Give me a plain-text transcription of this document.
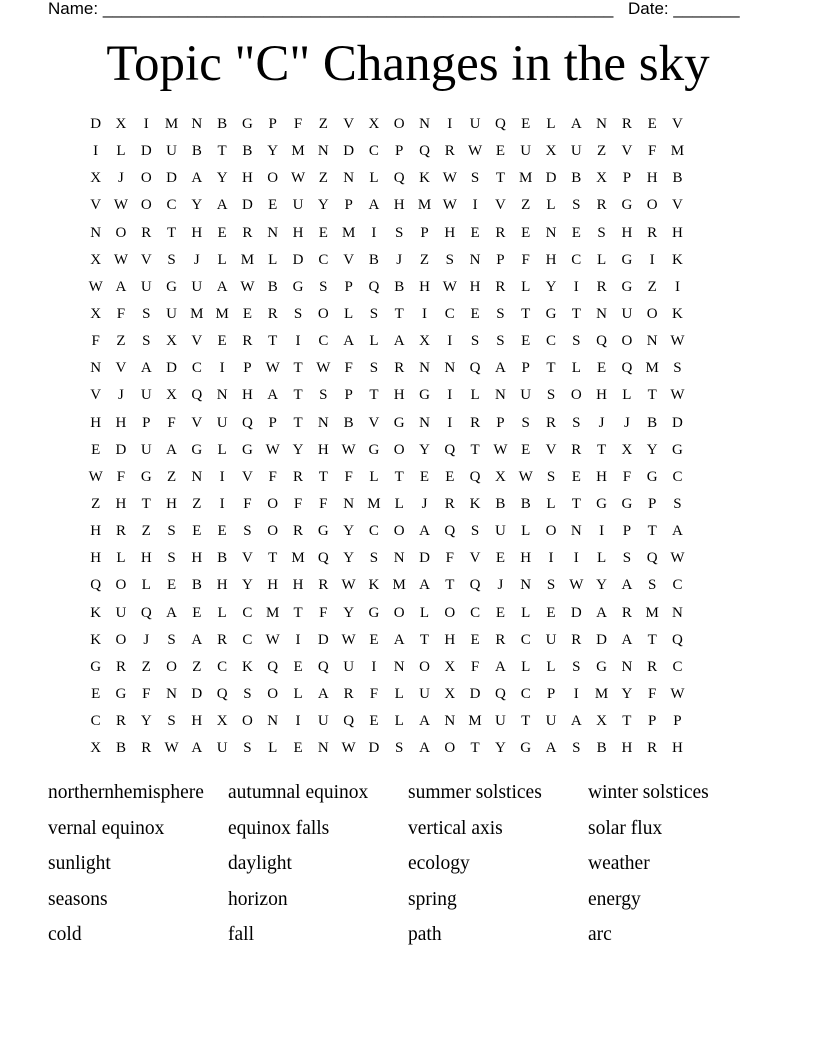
Name: ______________________________________________________

Date: _______

Topic "C" Changes in the sky
D X	I	M N B G	P	F	Z	V X O N	I	U Q	E	L	A N R	E	V
I	L	D U B	T	B Y M N D C	P	Q R W E	U X U	Z	V	F M
X	J	O D A Y H O W Z	N	L	Q K W S	T M D B X	P	H B
V W O C Y A D	E	U Y	P	A H M W	I	V	Z	L	S	R G O V
N O R	T	H	E	R N H	E M	I	S	P	H	E	R	E	N	E	S	H R H
X W V	S	J	L M L	D C V B	J	Z	S	N	P	F	H C	L	G	I	K
W A U G U A W B G	S	P	Q B H W H R	L	Y	I	R G	Z	I
X	F	S	U M M E	R	S	O	L	S	T	I	C	E	S	T	G	T	N U O K
F	Z	S	X V	E	R	T	I	C A	L	A X	I	S	S	E	C	S	Q O N W
N V A D C	I	P W T W F	S	R N N Q A	P	T	L	E	Q M S
V	J	U X Q N H A	T	S	P	T	H G	I	L	N U	S	O H	L	T W
H H	P	F	V U Q	P	T	N B V G N	I	R	P	S	R	S	J	J	B D
E	D U A G	L	G W Y H W G O Y Q	T W E	V R	T	X Y G
W F	G	Z	N	I	V	F	R	T	F	L	T	E	E	Q X W S	E	H	F	G C
Z	H	T	H	Z	I	F	O	F	F	N M L	J	R K B	B	L	T	G G	P	S
H R	Z	S	E	E	S	O R G Y C O A Q	S	U	L	O N	I	P	T	A
H	L	H	S	H B V	T M Q Y	S	N D	F	V	E	H	I	I	L	S	Q W
Q O	L	E	B H Y H H R W K M A	T	Q	J	N	S W Y A	S	C
K U Q A	E	L	C M T	F	Y G O	L	O C	E	L	E	D A R M N
K O	J	S	A R	C W	I	D W E	A	T	H	E	R	C U R D A	T	Q
G R	Z	O	Z	C K Q	E	Q U	I	N O X	F	A	L	L	S	G N R	C
E	G	F	N D Q	S	O	L	A R	F	L	U X D Q C	P	I	M Y	F W
C	R Y	S	H X O N	I	U Q	E	L	A N M U	T	U A X	T	P	P
X B	R W A U	S	L	E	N W D	S	A O	T	Y G A	S	B H R H
northernhemisphere	autumnal equinox	summer solstices	winter solstices
vernal equinox	equinox falls	vertical axis	solar flux
sunlight	daylight	ecology	weather
seasons	horizon	spring	energy
cold	fall	path	arc
